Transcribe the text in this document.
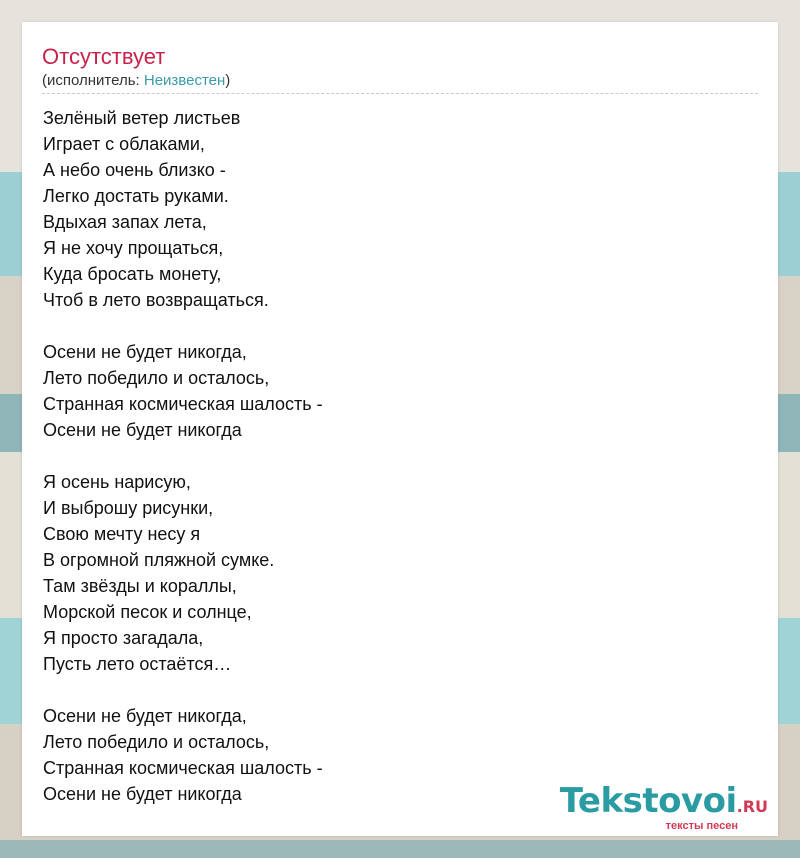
Отсутствует
(исполнитель: Неизвестен)
Зелёный ветер листьев
Играет с облаками,
А небо очень близко -
Легко достать руками.
Вдыхая запах лета,
Я не хочу прощаться,
Куда бросать монету,
Чтоб в лето возвращаться.
Осени не будет никогда,
Лето победило и осталось,
Странная космическая шалость -
Осени не будет никогда
Я осень нарисую,
И выброшу рисунки,
Свою мечту несу я
В огромной пляжной сумке.
Там звёзды и кораллы,
Морской песок и солнце,
Я просто загадала,
Пусть лето остаётся…
Осени не будет никогда,
Лето победило и осталось,
Странная космическая шалость -
Осени не будет никогда	Tekstovoi.RU
тексты песен
